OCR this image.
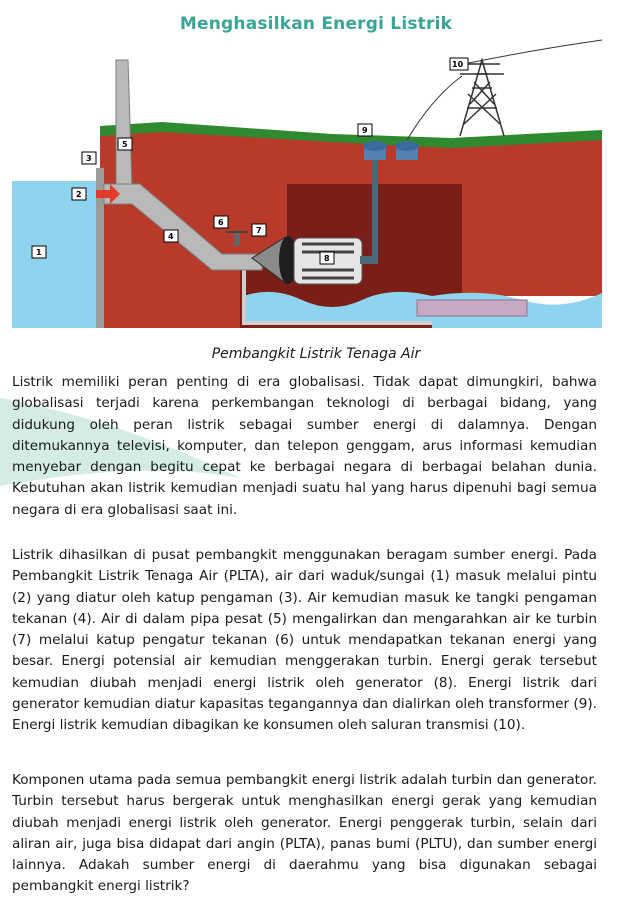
Menghasilkan Energi Listrik
1
2
3
4
5
6
7
8
9
10
Pembangkit Listrik Tenaga Air

Listrik memiliki peran penting di era globalisasi. Tidak dapat dimungkiri, bahwa globalisasi terjadi karena perkembangan teknologi di berbagai bidang, yang didukung oleh peran listrik sebagai sumber energi di dalamnya. Dengan ditemukannya televisi, komputer, dan telepon genggam, arus informasi kemudian menyebar dengan begitu cepat ke berbagai negara di berbagai belahan dunia. Kebutuhan akan listrik kemudian menjadi suatu hal yang harus dipenuhi bagi semua negara di era globalisasi saat ini.

Listrik dihasilkan di pusat pembangkit menggunakan beragam sumber energi. Pada Pembangkit Listrik Tenaga Air (PLTA), air dari waduk/sungai (1) masuk melalui pintu (2) yang diatur oleh katup pengaman (3). Air kemudian masuk ke tangki pengaman tekanan (4). Air di dalam pipa pesat (5) mengalirkan dan mengarahkan air ke turbin (7) melalui katup pengatur tekanan (6) untuk mendapatkan tekanan energi yang besar. Energi potensial air kemudian menggerakan turbin. Energi gerak tersebut kemudian diubah menjadi energi listrik oleh generator (8). Energi listrik dari generator kemudian diatur kapasitas tegangannya dan dialirkan oleh transformer (9). Energi listrik kemudian dibagikan ke konsumen oleh saluran transmisi (10).

Komponen utama pada semua pembangkit energi listrik adalah turbin dan generator. Turbin tersebut harus bergerak untuk menghasilkan energi gerak yang kemudian diubah menjadi energi listrik oleh generator. Energi penggerak turbin, selain dari aliran air, juga bisa didapat dari angin (PLTA), panas bumi (PLTU), dan sumber energi lainnya. Adakah sumber energi di daerahmu yang bisa digunakan sebagai pembangkit energi listrik?
